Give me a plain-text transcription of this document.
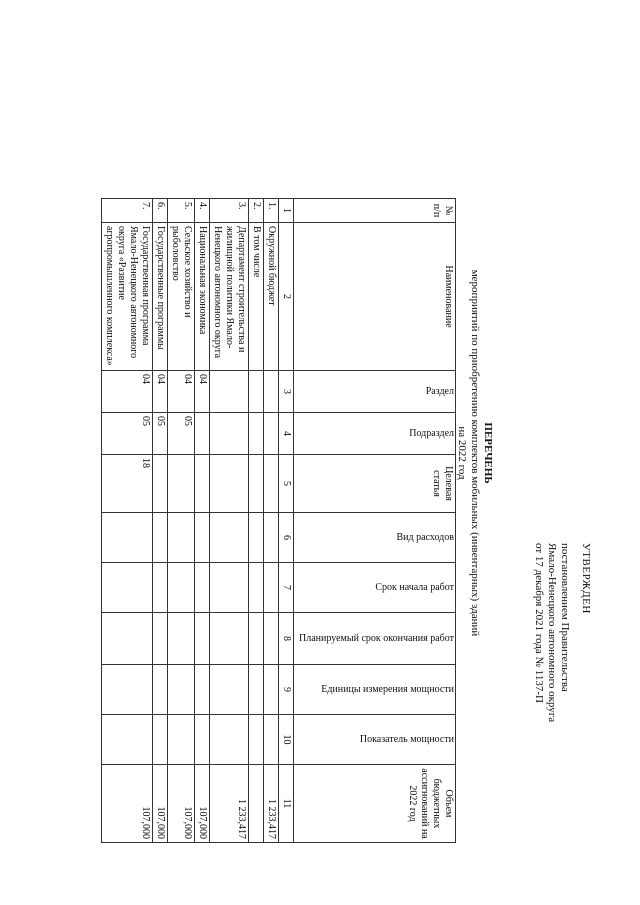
УТВЕРЖДЕН
постановлением Правительства
Ямало-Ненецкого автономного округа
от 17 декабря 2021 года № 1137-П
ПЕРЕЧЕНЬ
мероприятий по приобретению комплектов мобильных (инвентарных) зданий
на 2022 год
№ п/п	Наименование	Раздел	Подраздел	Целевая статья	Вид расходов	Срок начала работ	Планируемый срок окончания работ	Единицы измерения мощности	Показатель мощности	Объем бюджетных ассигнований на 2022 год
1	2	3	4	5	6	7	8	9	10	11
1.	Окружной бюджет									1 233,417
2.	В том числе									
3.	Департамент строительства и жилищной политики Ямало-Ненецкого автономного округа									1 233,417
4.	Национальная экономика	04								107,000
5.	Сельское хозяйство и рыболовство	04	05							107,000
6.	Государственные программы	04	05							107,000
7.	Государственная программа Ямало-Ненецкого автономного округа «Развитие агропромышленного комплекса»	04	05	18						107,000
